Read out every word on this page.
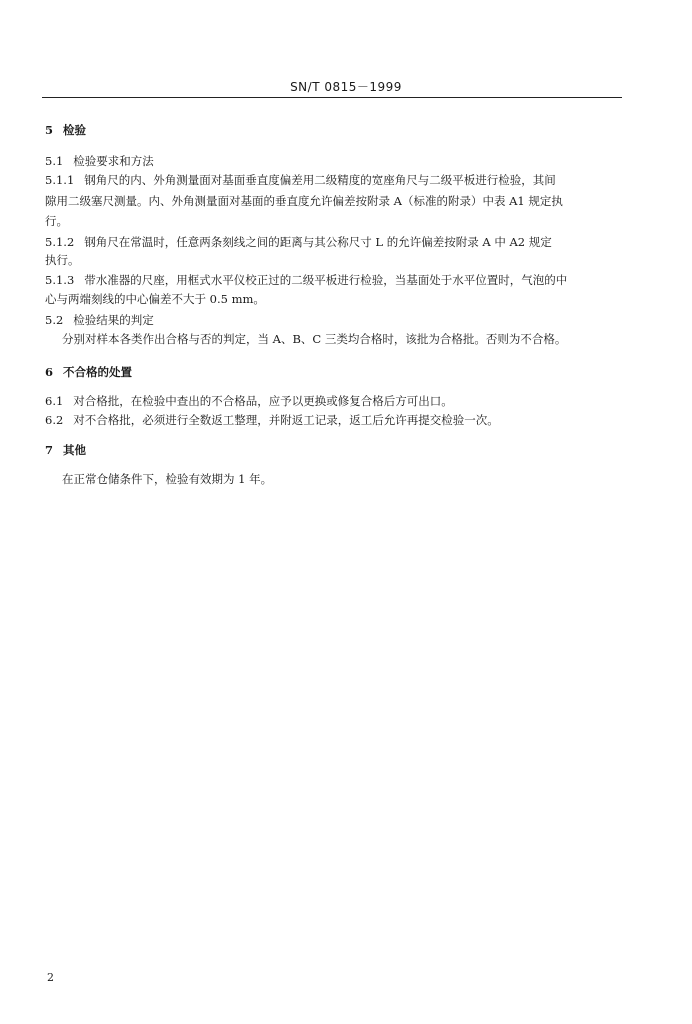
SN/T 0815－1999
5 检验
5.1 检验要求和方法
5.1.1 钢角尺的内、外角测量面对基面垂直度偏差用二级精度的宽座角尺与二级平板进行检验，其间
隙用二级塞尺测量。内、外角测量面对基面的垂直度允许偏差按附录 A（标准的附录）中表 A1 规定执
行。
5.1.2 钢角尺在常温时，任意两条刻线之间的距离与其公称尺寸 L 的允许偏差按附录 A 中 A2 规定
执行。
5.1.3 带水准器的尺座，用框式水平仪校正过的二级平板进行检验，当基面处于水平位置时，气泡的中
心与两端刻线的中心偏差不大于 0.5 mm。
5.2 检验结果的判定
分别对样本各类作出合格与否的判定，当 A、B、C 三类均合格时，该批为合格批。否则为不合格。
6 不合格的处置
6.1 对合格批，在检验中查出的不合格品，应予以更换或修复合格后方可出口。
6.2 对不合格批，必须进行全数返工整理，并附返工记录，返工后允许再提交检验一次。
7 其他
在正常仓储条件下，检验有效期为 1 年。
2
